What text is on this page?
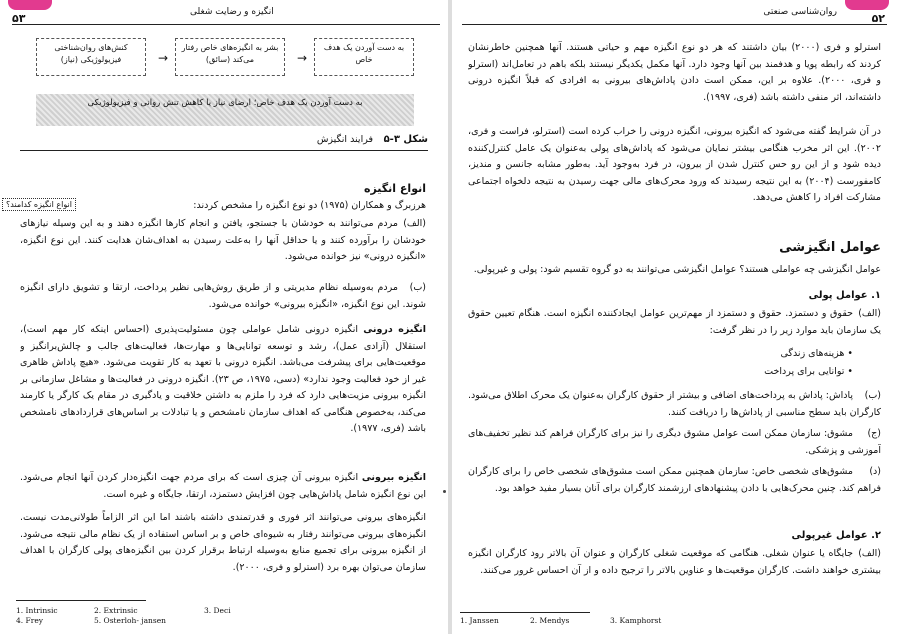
۵۳	انگیزه و رضایت شغلی
کنش‌های روان‌شناختی فیزیولوژیکی (نیاز)	→
بشر به انگیزه‌های خاص رفتار می‌کند (سائق)	→
به دست آوردن یک هدف خاص
به دست آوردن یک هدف خاص؛ ارضای نیاز یا کاهش تنش روانی و فیزیولوژیکی
شکل ۳-۵
فرایند انگیزش
انواع انگیزه
انواع انگیزه کدامند؟	هرزبرگ و همکاران (۱۹۷۵) دو نوع انگیزه را مشخص کردند:
(الف)مردم می‌توانند به خودشان با جستجو، یافتن و انجام کارها انگیزه دهند و به این وسیله نیازهای خودشان را برآورده کنند و یا حداقل آنها را به‌علت رسیدن به اهداف‌شان هدایت کنند. این نوع انگیزه، «انگیزه درونی» نیز خوانده می‌شود.
(ب)مردم به‌وسیله نظام مدیریتی و از طریق روش‌هایی نظیر پرداخت، ارتقا و تشویق دارای انگیزه شوند. این نوع انگیزه، «انگیزه بیرونی» خوانده می‌شود.
انگیزه درونی انگیزه درونی شامل عواملی چون مسئولیت‌پذیری (احساس اینکه کار مهم است)، استقلال (آزادی عمل)، رشد و توسعه توانایی‌ها و مهارت‌ها، فعالیت‌های جالب و چالش‌برانگیز و موقعیت‌هایی برای پیشرفت می‌باشد. انگیزه درونی با تعهد به کار تقویت می‌شود. «هیچ پاداش ظاهری غیر از خود فعالیت وجود ندارد» (دسی، ۱۹۷۵، ص ۲۳). انگیزه درونی در فعالیت‌ها و مشاغل سازمانی بر انگیزه بیرونی مزیت‌هایی دارد که فرد را ملزم به داشتن خلاقیت و یادگیری در مقام یک کارگر یا کارمند می‌کند، به‌خصوص هنگامی که اهداف سازمان نامشخص و یا تبادلات بر اساس‌های قراردادهای نامشخص باشد (فری، ۱۹۷۷).
انگیزه بیرونی انگیزه بیرونی آن چیزی است که برای مردم جهت انگیزه‌دار کردن آنها انجام می‌شود. این نوع انگیزه شامل پاداش‌هایی چون افزایش دستمزد، ارتقا، جایگاه و غیره است.
انگیزه‌های بیرونی می‌توانند اثر فوری و قدرتمندی داشته باشند اما این اثر الزاماً طولانی‌مدت نیست. انگیزه‌های بیرونی می‌توانند رفتار به شیوه‌ای خاص و بر اساس استفاده از یک نظام مالی نتیجه می‌شود. از انگیزه بیرونی برای تجمیع منابع به‌وسیله ارتباط برقرار کردن بین انگیزه‌های پولی کارگران با اهداف سازمان می‌توان بهره برد (استرلو و فری، ۲۰۰۰).
1. Intrinsic	2. Extrinsic	3. Deci
4. Frey	5. Osterloh- jansen
۵۲
روان‌شناسی صنعتی
استرلو و فری (۲۰۰۰) بیان داشتند که هر دو نوع انگیزه مهم و حیاتی هستند. آنها همچنین خاطرنشان کردند که رابطه پویا و هدفمند بین آنها وجود دارد. آنها مکمل یکدیگر نیستند بلکه باهم در تعامل‌اند (استرلو و فری، ۲۰۰۰). علاوه بر این، ممکن است دادن پاداش‌های بیرونی به افرادی که قبلاً انگیزه درونی داشته‌اند، اثر منفی داشته باشد (فری، ۱۹۹۷).
در آن شرایط گفته می‌شود که انگیزه بیرونی، انگیزه درونی را خراب کرده است (استرلو، فراست و فری، ۲۰۰۲). این اثر مخرب هنگامی بیشتر نمایان می‌شود که پاداش‌های پولی به‌عنوان یک عامل کنترل‌کننده دیده شود و از این رو حس کنترل شدن از بیرون، در فرد به‌وجود آید. به‌طور مشابه جانسن و مندیز، کامفورست (۲۰۰۴) به این نتیجه رسیدند که ورود محرک‌های مالی جهت رسیدن به نتیجه دلخواه اجتماعی مشارکت افراد را کاهش می‌دهد.
عوامل انگیزشی
عوامل انگیزشی چه عواملی هستند؟ عوامل انگیزشی می‌توانند به دو گروه تقسیم شود: پولی و غیرپولی.
۱. عوامل پولی
(الف)حقوق و دستمزد. حقوق و دستمزد از مهم‌ترین عوامل ایجادکننده انگیزه است. هنگام تعیین حقوق یک سازمان باید موارد زیر را در نظر گرفت:
• هزینه‌های زندگی
• توانایی برای پرداخت
(ب)پاداش: پاداش به پرداخت‌های اضافی و بیشتر از حقوق کارگران به‌عنوان یک محرک اطلاق می‌شود. کارگران باید سطح مناسبی از پاداش‌ها را دریافت کنند.
(ج)مشوق: سازمان ممکن است عوامل مشوق دیگری را نیز برای کارگران فراهم کند نظیر تخفیف‌های آموزشی و پزشکی.
(د)مشوق‌های شخصی خاص: سازمان همچنین ممکن است مشوق‌های شخصی خاص را برای کارگران فراهم کند. چنین محرک‌هایی با دادن پیشنهادهای ارزشمند کارگران برای آنان بسیار مفید خواهد بود.
۲. عوامل غیرپولی
(الف)جایگاه یا عنوان شغلی. هنگامی که موقعیت شغلی کارگران و عنوان آن بالاتر رود کارگران انگیزه بیشتری خواهند داشت. کارگران موقعیت‌ها و عناوین بالاتر را ترجیح داده و از آن احساس غرور می‌کنند.
1. Janssen	2. Mendys	3. Kamphorst
